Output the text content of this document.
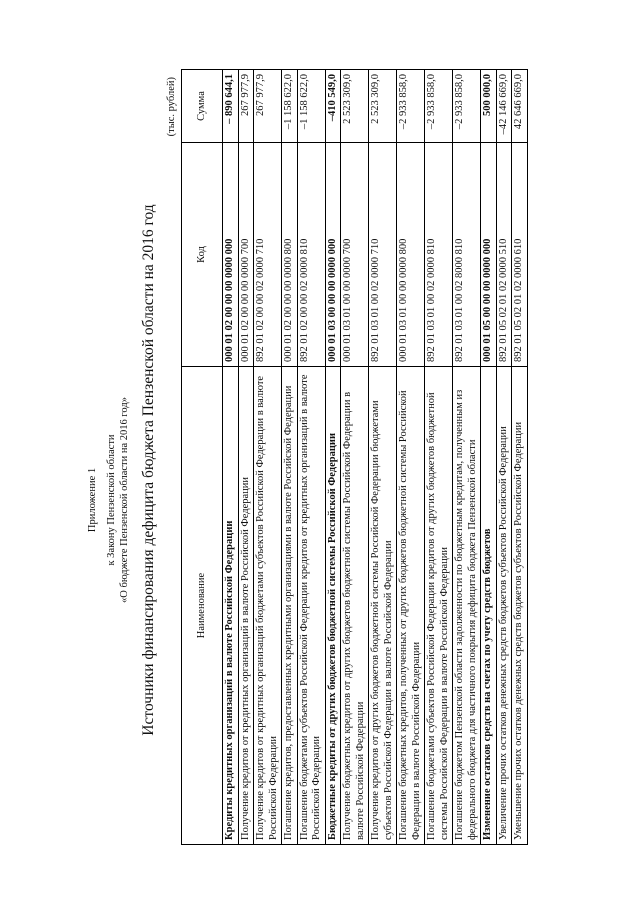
Приложение 1 к Закону Пензенской области «О бюджете Пензенской области на 2016 год» Источники финансирования дефицита бюджета Пензенской области на 2016 год
(тыс. рублей)
Наименование	Код	Сумма
Кредиты кредитных организаций в валюте Российской Федерации	000 01 02 00 00 00 0000 000	– 890 644,1
Получение кредитов от кредитных организаций в валюте Российской Федерации	000 01 02 00 00 00 0000 700	267 977,9
Получение кредитов от кредитных организаций бюджетами субъектов Российской Федерации в валюте Российской Федерации	892 01 02 00 00 02 0000 710	267 977,9
Погашение кредитов, предоставленных кредитными организациями в валюте Российской Федерации	000 01 02 00 00 00 0000 800	–1 158 622,0
Погашение бюджетами субъектов Российской Федерации кредитов от кредитных организаций в валюте Российской Федерации	892 01 02 00 00 02 0000 810	–1 158 622,0
Бюджетные кредиты от других бюджетов бюджетной системы Российской Федерации	000 01 03 00 00 00 0000 000	–410 549,0
Получение бюджетных кредитов от других бюджетов бюджетной системы Российской Федерации в валюте Российской Федерации	000 01 03 01 00 00 0000 700	2 523 309,0
Получение кредитов от других бюджетов бюджетной системы Российской Федерации бюджетами субъектов Российской Федерации в валюте Российской Федерации	892 01 03 01 00 02 0000 710	2 523 309,0
Погашение бюджетных кредитов, полученных от других бюджетов бюджетной системы Российской Федерации в валюте Российской Федерации	000 01 03 01 00 00 0000 800	–2 933 858,0
Погашение бюджетами субъектов Российской Федерации кредитов от других бюджетов бюджетной системы Российской Федерации в валюте Российской Федерации	892 01 03 01 00 02 0000 810	–2 933 858,0
Погашение бюджетом Пензенской области задолженности по бюджетным кредитам, полученным из федерального бюджета для частичного покрытия дефицита бюджета Пензенской области	892 01 03 01 00 02 8000 810	–2 933 858,0
Изменение остатков средств на счетах по учету средств бюджетов	000 01 05 00 00 00 0000 000	500 000,0
Увеличение прочих остатков денежных средств бюджетов субъектов Российской Федерации	892 01 05 02 01 02 0000 510	–42 146 669,0
Уменьшение прочих остатков денежных средств бюджетов субъектов Российской Федерации	892 01 05 02 01 02 0000 610	42 646 669,0
